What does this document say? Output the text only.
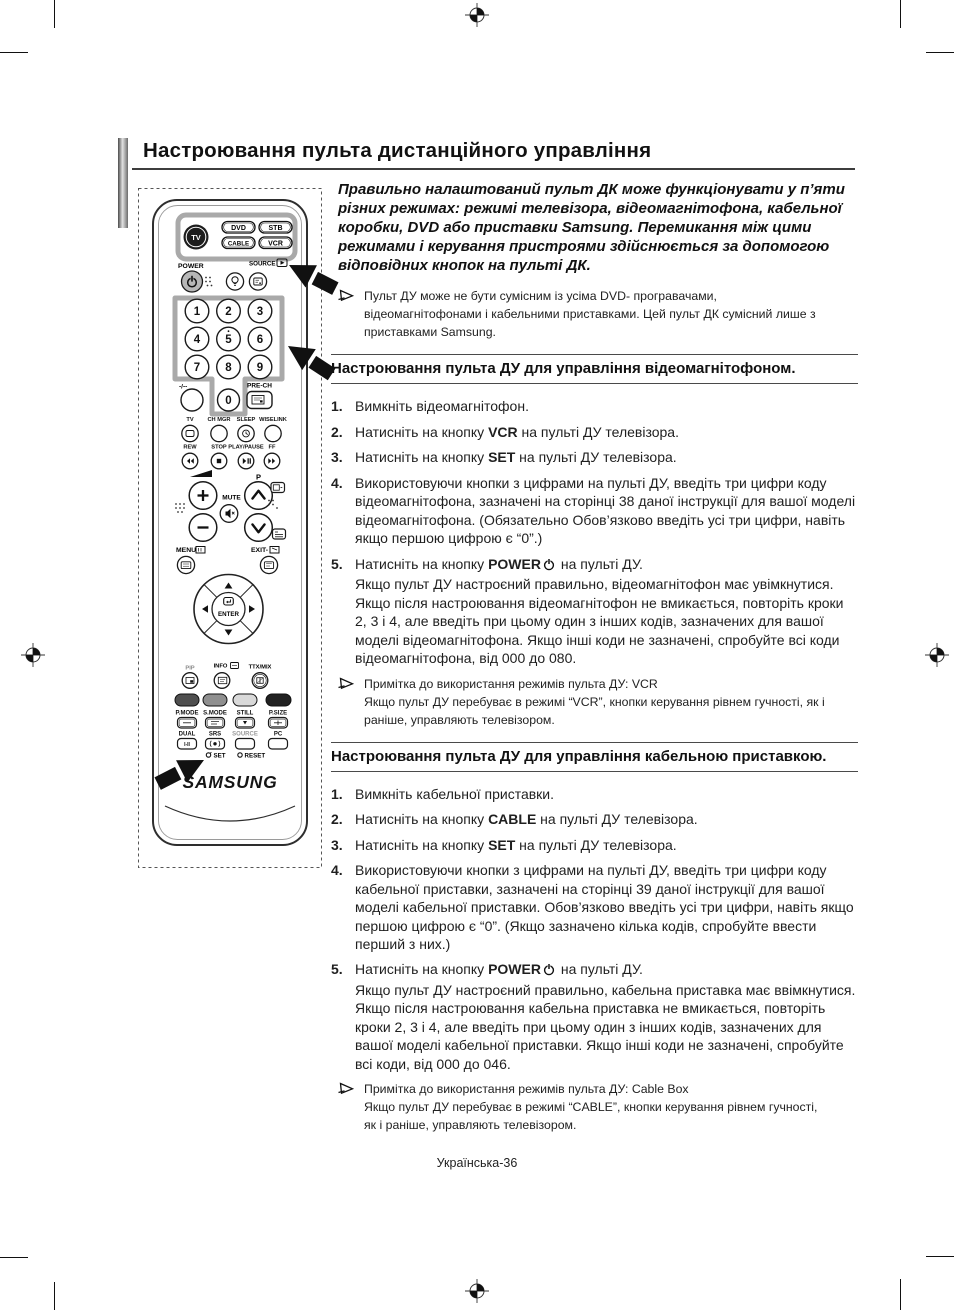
Настроювання пульта дистанційного управління
TV
DVD	STB
CABLE	VCR
POWER	SOURCE
1 2 3
4 5 6
7 8 9
0
-/--	PRE-CH
TV CH MGR SLEEP WISELINK
REW	STOP PLAY/PAUSE FF
MUTE
P
MENU	EXIT-
ENTER
PIP	INFO	TTX/MIX
P.MODE S.MODE STILL	P.SIZE
DUAL SRS SOURCE	PC
I-II
SET	RESET
SAMSUNG

Правильно налаштований пульт ДК може функціонувати у п’яти різних режимах: режимі телевізора, відеомагнітофона, кабельної коробки, DVD або приставки Samsung. Перемикання між цими режимами і керування пристроями здійснюється за допомогою відповідних кнопок на пульті ДК.

Пульт ДУ може не бути сумісним із усіма DVD- програвачами, відеомагнітофонами і кабельними приставками. Цей пульт ДК сумісний лише з приставками Samsung.
Настроювання пульта ДУ для управління відеомагнітофоном.
1. Вимкніть відеомагнітофон.
2. Натисніть на кнопку VCR на пульті ДУ телевізора.
3. Натисніть на кнопку SET на пульті ДУ телевізора.
4. Використовуючи кнопки з цифрами на пульті ДУ, введіть три цифри коду відеомагнітофона, зазначені на сторінці 38 даної інструкції для вашої моделі відеомагнітофона. (Обязательно Обов’язково введіть усі три цифри, навіть якщо першою цифрою є “0”.)
5. Натисніть на кнопку POWER на пульті ДУ.
Якщо пульт ДУ настроєний правильно, відеомагнітофон має увімкнутися. Якщо після настроювання відеомагнітофон не вмикається, повторіть кроки 2, 3 і 4, але введіть при цьому один з інших кодів, зазначених для вашої моделі відеомагнітофона. Якщо інші коди не зазначені, спробуйте всі коди відеомагнітофона, від 000 до 080.
Примітка до використання режимів пульта ДУ: VCR
Якщо пульт ДУ перебуває в режимі “VCR”, кнопки керування рівнем гучності, як і раніше, управляють телевізором.
Настроювання пульта ДУ для управління кабельною приставкою.
1. Вимкніть кабельної приставки.
2. Натисніть на кнопку CABLE на пульті ДУ телевізора.
3. Натисніть на кнопку SET на пульті ДУ телевізора.
4. Використовуючи кнопки з цифрами на пульті ДУ, введіть три цифри коду кабельної приставки, зазначені на сторінці 39 даної інструкції для вашої моделі кабельної приставки. Обов’язково введіть усі три цифри, навіть якщо першою цифрою є “0”. (Якщо зазначено кілька кодів, спробуйте ввести перший з них.)
5. Натисніть на кнопку POWER на пульті ДУ.
Якщо пульт ДУ настроєний правильно, кабельна приставка має ввімкнутися. Якщо після настроювання кабельна приставка не вмикається, повторіть кроки 2, 3 і 4, але введіть при цьому один з інших кодів, зазначених для вашої моделі кабельної приставки. Якщо інші коди не зазначені, спробуйте всі коди, від 000 до 046.
Примітка до використання режимів пульта ДУ: Cable Box
Якщо пульт ДУ перебуває в режимі “CABLE”, кнопки керування рівнем гучності, як і раніше, управляють телевізором.
Українська-36
